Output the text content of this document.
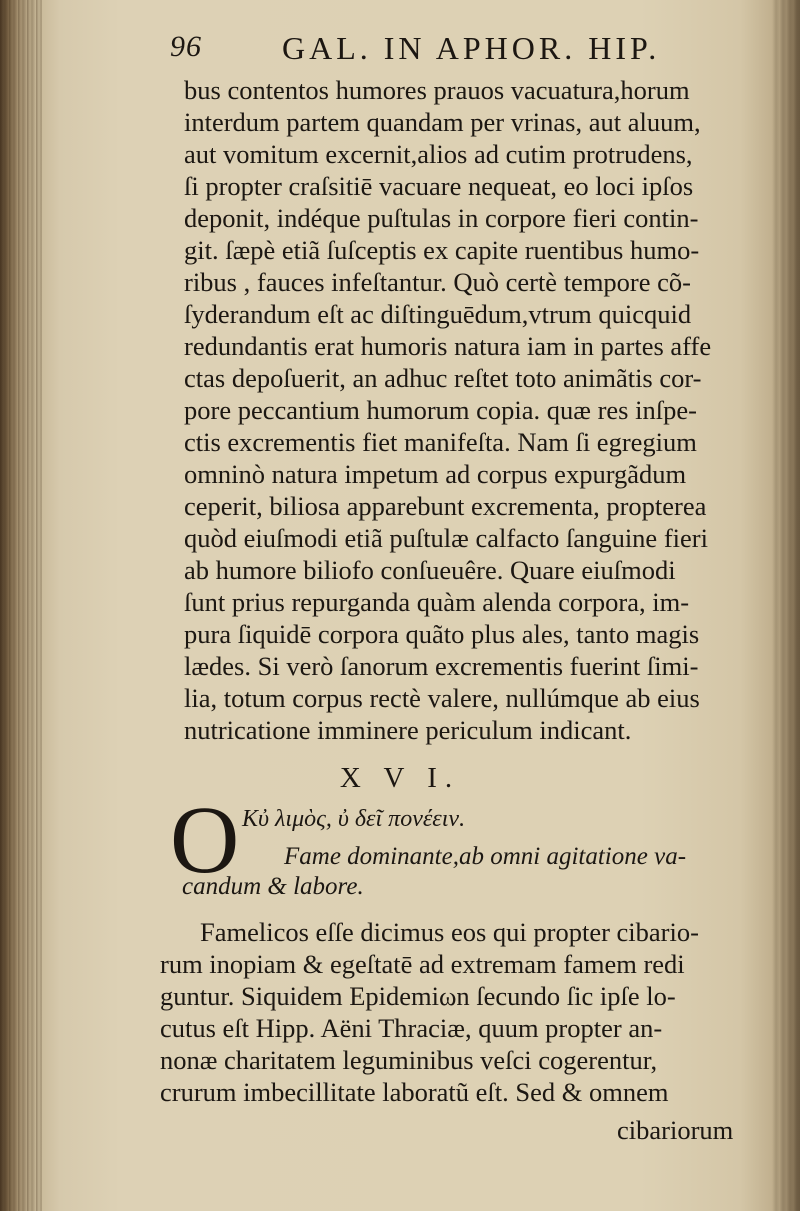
96	GAL. IN APHOR. HIP.
bus contentos humores prauos vacuatura,horum
interdum partem quandam per vrinas, aut aluum,
aut vomitum excernit,alios ad cutim protrudens,
ſi propter craſsitiē vacuare nequeat, eo loci ipſos
deponit, indéque puſtulas in corpore fieri contin-
git. ſæpè etiã ſuſceptis ex capite ruentibus humo-
ribus , fauces infeſtantur. Quò certè tempore cõ-
ſyderandum eſt ac diſtinguēdum,vtrum quicquid
redundantis erat humoris natura iam in partes affe
ctas depoſuerit, an adhuc reſtet toto animãtis cor-
pore peccantium humorum copia. quæ res inſpe-
ctis excrementis fiet manifeſta. Nam ſi egregium
omninò natura impetum ad corpus expurgãdum
ceperit, biliosa apparebunt excrementa, propterea
quòd eiuſmodi etiã puſtulæ calfacto ſanguine fieri
ab humore biliofo conſueuêre. Quare eiuſmodi
ſunt prius repurganda quàm alenda corpora, im-
pura ſiquidē corpora quãto plus ales, tanto magis
lædes. Si verò ſanorum excrementis fuerint ſimi-
lia, totum corpus rectè valere, nullúmque ab eius
nutricatione imminere periculum indicant.
X V I.
O Κὐ λιμὸς, ὐ δεῖ πονέειν.
Fame dominante,ab omni agitatione va-
candum & labore.
Famelicos eſſe dicimus eos qui propter cibario-
rum inopiam & egeſtatē ad extremam famem redi
guntur. Siquidem Epidemiωn ſecundo ſic ipſe lo-
cutus eſt Hipp. Aëni Thraciæ, quum propter an-
nonæ charitatem leguminibus veſci cogerentur,
crurum imbecillitate laboratũ eſt. Sed & omnem
cibariorum
